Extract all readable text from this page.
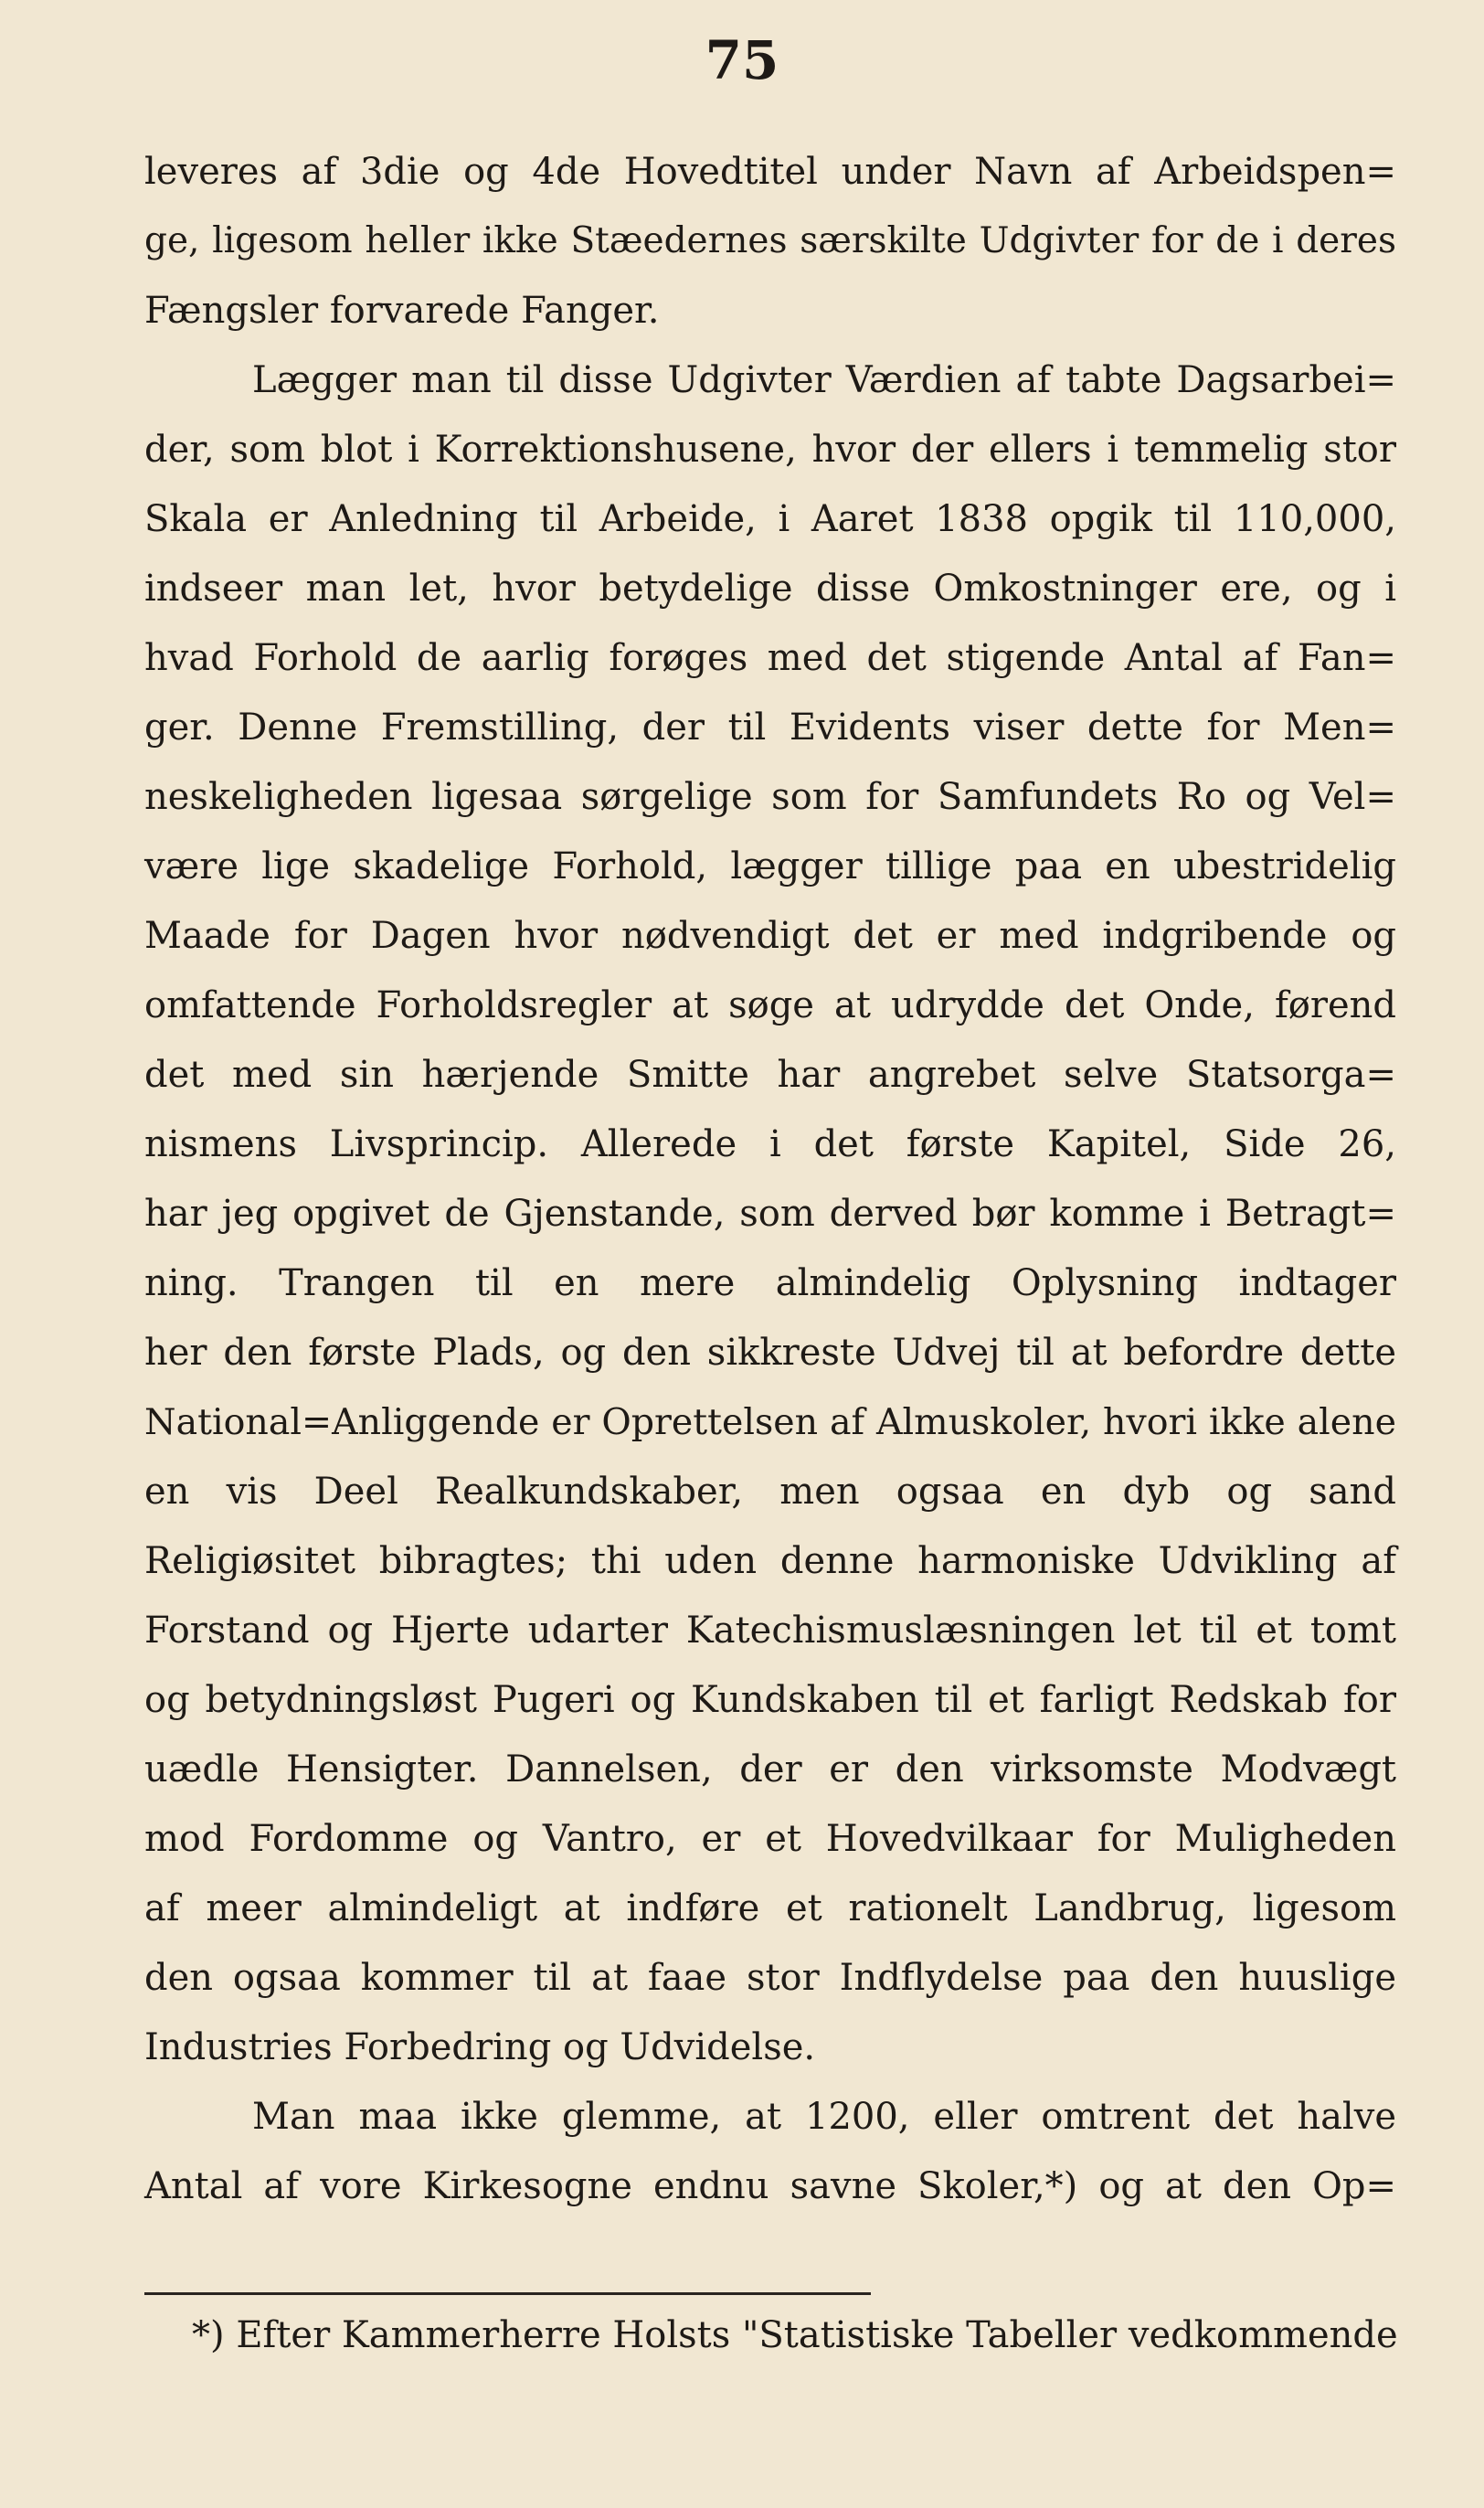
75
leveres af 3die og 4de Hovedtitel under Navn af Arbeidspen=
ge, ligesom heller ikke Stæedernes særskilte Udgivter for de i deres
Fængsler forvarede Fanger.
Lægger man til disse Udgivter Værdien af tabte Dagsarbei=
der, som blot i Korrektionshusene, hvor der ellers i temmelig stor
Skala er Anledning til Arbeide, i Aaret 1838 opgik til 110,000,
indseer man let, hvor betydelige disse Omkostninger ere, og i
hvad Forhold de aarlig forøges med det stigende Antal af Fan=
ger. Denne Fremstilling, der til Evidents viser dette for Men=
neskeligheden ligesaa sørgelige som for Samfundets Ro og Vel=
være lige skadelige Forhold, lægger tillige paa en ubestridelig
Maade for Dagen hvor nødvendigt det er med indgribende og
omfattende Forholdsregler at søge at udrydde det Onde, førend
det med sin hærjende Smitte har angrebet selve Statsorga=
nismens Livsprincip. Allerede i det første Kapitel, Side 26,
har jeg opgivet de Gjenstande, som derved bør komme i Betragt=
ning. Trangen til en mere almindelig Oplysning indtager
her den første Plads, og den sikkreste Udvej til at befordre dette
National=Anliggende er Oprettelsen af Almuskoler, hvori ikke alene
en vis Deel Realkundskaber, men ogsaa en dyb og sand
Religiøsitet bibragtes; thi uden denne harmoniske Udvikling af
Forstand og Hjerte udarter Katechismuslæsningen let til et tomt
og betydningsløst Pugeri og Kundskaben til et farligt Redskab for
uædle Hensigter. Dannelsen, der er den virksomste Modvægt
mod Fordomme og Vantro, er et Hovedvilkaar for Muligheden
af meer almindeligt at indføre et rationelt Landbrug, ligesom
den ogsaa kommer til at faae stor Indflydelse paa den huuslige
Industries Forbedring og Udvidelse.
Man maa ikke glemme, at 1200, eller omtrent det halve
Antal af vore Kirkesogne endnu savne Skoler,*) og at den Op=
*) Efter Kammerherre Holsts "Statistiske Tabeller vedkommende
